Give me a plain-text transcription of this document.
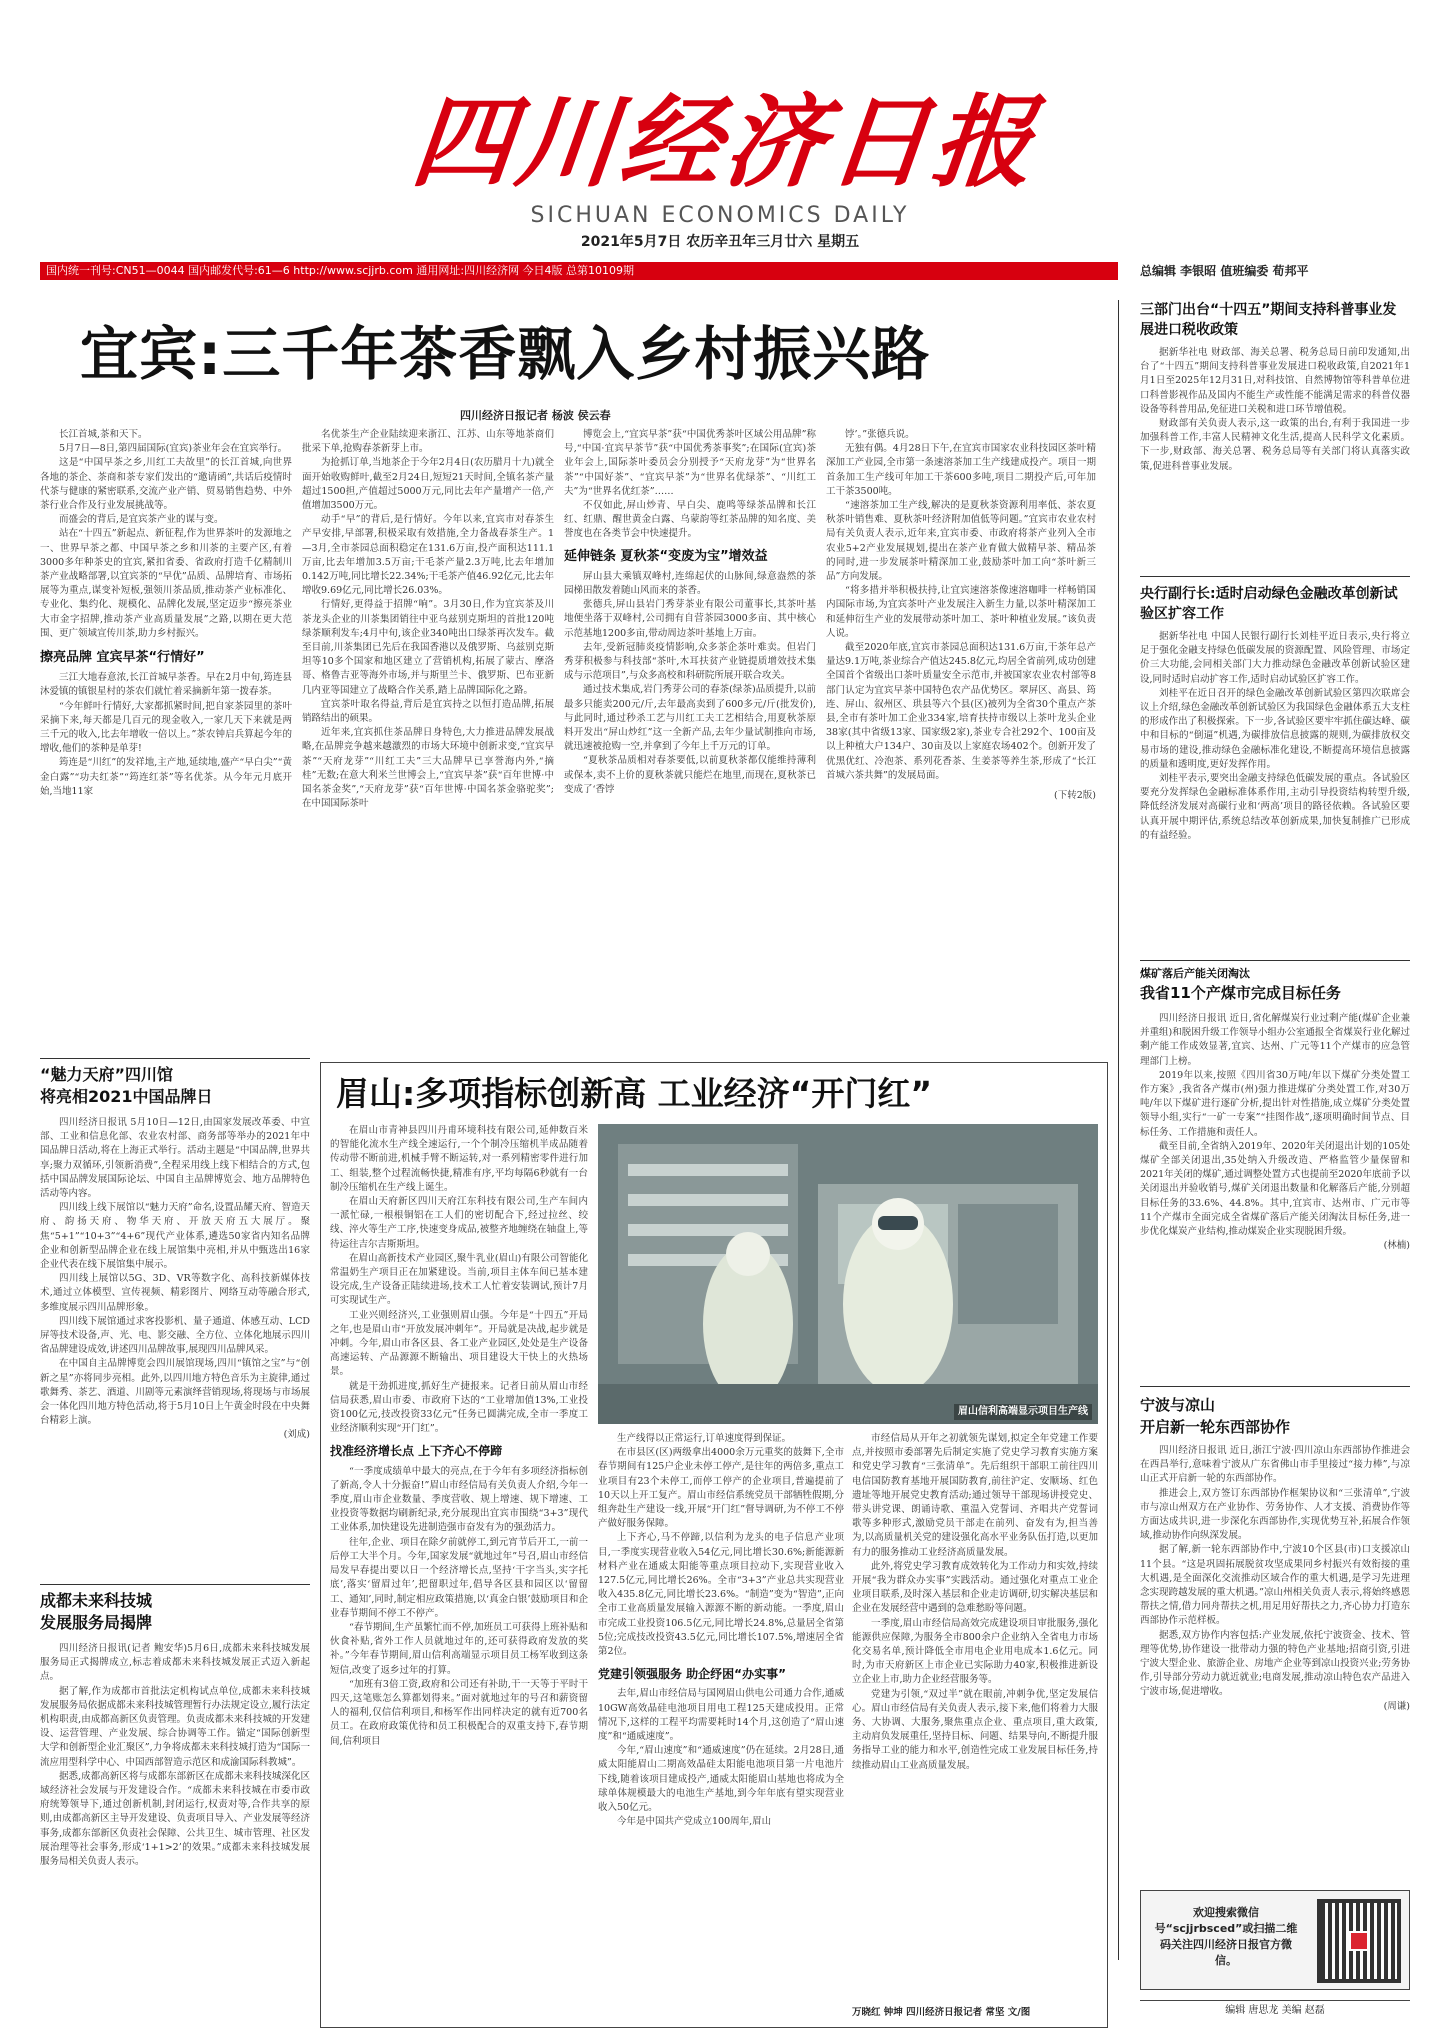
四川经济日报
SICHUAN ECONOMICS DAILY
2021年5月7日 农历辛丑年三月廿六 星期五
国内统一刊号:CN51—0044 国内邮发代号:61—6 http://www.scjjrb.com 通用网址:四川经济网 今日4版 总第10109期	总编辑 李银昭 值班编委 荀邦平
宜宾:三千年茶香飘入乡村振兴路
四川经济日报记者 杨波 侯云春

长江首城,茶和天下。

5月7日—8日,第四届国际(宜宾)茶业年会在宜宾举行。

这是“中国早茶之乡,川红工夫故里”的长江首城,向世界各地的茶企、茶商和茶专家们发出的“邀请函”,共话后疫情时代茶与健康的紧密联系,交流产业产销、贸易销售趋势、中外茶行业合作及行业发展挑战等。

而盛会的背后,是宜宾茶产业的谋与变。

站在“十四五”新起点、新征程,作为世界茶叶的发源地之一、世界早茶之都、中国早茶之乡和川茶的主要产区,有着3000多年种茶史的宜宾,紧扣省委、省政府打造千亿精制川茶产业战略部署,以宜宾茶的“早优”品质、品牌培育、市场拓展等为重点,谋变补短板,强领川茶品质,推动茶产业标准化、专业化、集约化、规模化、品牌化发展,坚定迈步“擦亮茶业大市金字招牌,推动茶产业高质量发展”之路,以期在更大范围、更广领域宣传川茶,助力乡村振兴。

擦亮品牌 宜宾早茶“行情好”

三江大地春意浓,长江首城早茶香。早在2月中旬,筠连县沐爱镇的镇银星村的茶农们就忙着采摘新年第一拨春茶。

“今年鲜叶行情好,大家都抓紧时间,把自家茶园里的茶叶采摘下来,每天都是几百元的现金收入,一家几天下来就是两三千元的收入,比去年增收一倍以上。”茶农钟启兵算起今年的增收,他们的茶种是单芽!

筠连是“川红”的发祥地,主产地,延续地,盛产“早白尖”“黄金白露”“功夫红茶”“筠连红茶”等名优茶。从今年元月底开始,当地11家

名优茶生产企业陆续迎来浙江、江苏、山东等地茶商们批采下单,抢购春茶新芽上市。

为抢抓订单,当地茶企于今年2月4日(农历腊月十九)就全面开始收购鲜叶,截至2月24日,短短21天时间,全镇名茶产量超过1500担,产值超过5000万元,同比去年产量增产一倍,产值增加3500万元。

动手“早”的背后,是行情好。今年以来,宜宾市对春茶生产早安排,早部署,积极采取有效措施,全力备战春茶生产。1—3月,全市茶园总面积稳定在131.6万亩,投产面积达111.1万亩,比去年增加3.5万亩;干毛茶产量2.3万吨,比去年增加0.142万吨,同比增长22.34%;干毛茶产值46.92亿元,比去年增收9.69亿元,同比增长26.03%。

行情好,更得益于招牌“响”。3月30日,作为宜宾茶及川茶龙头企业的川茶集团销往中亚乌兹别克斯坦的首批120吨绿茶顺利发车;4月中旬,该企业340吨出口绿茶再次发车。截至目前,川茶集团已先后在我国香港以及俄罗斯、乌兹别克斯坦等10多个国家和地区建立了营销机构,拓展了蒙古、摩洛哥、格鲁吉亚等海外市场,并与斯里兰卡、俄罗斯、巴布亚新几内亚等国建立了战略合作关系,踏上品牌国际化之路。

宜宾茶叶取名得益,背后是宜宾持之以恒打造品牌,拓展销路结出的硕果。

近年来,宜宾抓住茶品牌日身特色,大力推进品牌发展战略,在品牌竞争越来越激烈的市场大环境中创新求变,“宜宾早茶”“天府龙芽”“川红工夫”三大品牌早已享誉海内外,“摘桂”无数;在意大利米兰世博会上,“宜宾早茶”获“百年世博·中国名茶金奖”,“天府龙芽”获“百年世博·中国名茶金骆驼奖”;在中国国际茶叶

博览会上,“宜宾早茶”获“中国优秀茶叶区域公用品牌”称号,“中国·宜宾早茶节”获“中国优秀茶事奖”;在国际(宜宾)茶业年会上,国际茶叶委员会分别授予“天府龙芽”为“世界名茶”“中国好茶”、“宜宾早茶”为“世界名优绿茶”、“川红工夫”为“世界名优红茶”……

不仅如此,屏山炒青、早白尖、鹿鸣等绿茶品牌和长江红、红鼎、醒世黄金白露、乌蒙韵等红茶品牌的知名度、美誉度也在各类节会中快速提升。

延伸链条 夏秋茶“变废为宝”增效益

屏山县大乘镇双峰村,连绵起伏的山脉间,绿意盎然的茶园梯田散发着随山风而来的茶香。

张德兵,屏山县岩门秀芽茶业有限公司董事长,其茶叶基地便坐落于双峰村,公司拥有自营茶园3000多亩、其中核心示范基地1200多亩,带动周边茶叶基地上万亩。

去年,受新冠肺炎疫情影响,众多茶企茶叶难卖。但岩门秀芽积极参与科技部“茶叶,木耳扶贫产业链提质增效技术集成与示范项目”,与众多高校和科研院所展开联合攻关。

通过技术集成,岩门秀芽公司的春茶(绿茶)品质提升,以前最多只能卖200元/斤,去年最高卖到了600多元/斤(批发价),与此同时,通过秒杀工艺与川红工夫工艺相结合,用夏秋茶原料开发出“屏山炒红”这一全新产品,去年少量试制推向市场,就迅速被抢购一空,并拿到了今年上千万元的订单。

“夏秋茶品质相对春茶要低,以前夏秋茶都仅能维持薄利或保本,卖不上价的夏秋茶就只能烂在地里,而现在,夏秋茶已变成了‘香饽

饽’。”张德兵说。

无独有偶。4月28日下午,在宜宾市国家农业科技园区茶叶精深加工产业园,全市第一条速溶茶加工生产线建成投产。项目一期首条加工生产线可年加工干茶600多吨,项目二期投产后,可年加工干茶3500吨。

“速溶茶加工生产线,解决的是夏秋茶资源利用率低、茶农夏秋茶叶销售难、夏秋茶叶经济附加值低等问题。”宜宾市农业农村局有关负责人表示,近年来,宜宾市委、市政府将茶产业列入全市农业5+2产业发展规划,提出在茶产业育做大做精早茶、精品茶的同时,进一步发展茶叶精深加工业,鼓励茶叶加工向“茶叶新三品”方向发展。

“将多措并举积极扶持,让宜宾速溶茶像速溶咖啡一样畅销国内国际市场,为宜宾茶叶产业发展注入新生力量,以茶叶精深加工和延伸衍生产业的发展带动茶叶加工、茶叶种植业发展。”该负责人说。

截至2020年底,宜宾市茶园总面积达131.6万亩,干茶年总产量达9.1万吨,茶业综合产值达245.8亿元,均居全省前列,成功创建全国首个省级出口茶叶质量安全示范市,并被国家农业农村部等8部门认定为宜宾早茶中国特色农产品优势区。翠屏区、高县、筠连、屏山、叙州区、珙县等六个县(区)被列为全省30个重点产茶县,全市有茶叶加工企业334家,培育扶持市级以上茶叶龙头企业38家(其中省级13家、国家级2家),茶业专合社292个、100亩及以上种植大户134户、30亩及以上家庭农场402个。创新开发了优黑优红、冷泡茶、系列花香茶、生姜茶等养生茶,形成了“长江首城六茶共舞”的发展局面。

(下转2版)
“魅力天府”四川馆
将亮相2021中国品牌日

四川经济日报讯 5月10日—12日,由国家发展改革委、中宣部、工业和信息化部、农业农村部、商务部等举办的2021年中国品牌日活动,将在上海正式举行。活动主题是“中国品牌,世界共享;聚力双循环,引领新消费”,全程采用线上线下相结合的方式,包括中国品牌发展国际论坛、中国自主品牌博览会、地方品牌特色活动等内容。

四川线上线下展馆以“魅力天府”命名,设置品耀天府、智造天府、韵扬天府、物华天府、开放天府五大展厅。聚焦“5+1”“10+3”“4+6”现代产业体系,遴选50家省内知名品牌企业和创新型品牌企业在线上展馆集中亮相,并从中甄选出16家企业代表在线下展馆集中展示。

四川线上展馆以5G、3D、VR等数字化、高科技新媒体技术,通过立体模型、宣传视频、精彩图片、网络互动等融合形式,多维度展示四川品牌形象。

四川线下展馆通过求客投影机、量子通道、体感互动、LCD屏等技术设备,声、光、电、影交融、全方位、立体化地展示四川省品牌建设成效,讲述四川品牌故事,展现四川品牌风采。

在中国自主品牌博览会四川展馆现场,四川“镇馆之宝”与“创新之星”亦将同步亮相。此外,以四川地方特色音乐为主旋律,通过歌舞秀、茶艺、酒道、川剧等元素演绎营销现场,将现场与市场展会一体化四川地方特色活动,将于5月10日上午黄金时段在中央舞台精彩上演。

(刘成)
成都未来科技城
发展服务局揭牌

四川经济日报讯(记者 鲍安华)5月6日,成都未来科技城发展服务局正式揭牌成立,标志着成都未来科技城发展正式迈入新起点。

据了解,作为成都市首批法定机构试点单位,成都未来科技城发展服务局依据成都未来科技城管理暂行办法规定设立,履行法定机构职责,由成都高新区负责管理。负责成都未来科技城的开发建设、运营管理、产业发展、综合协调等工作。锚定“国际创新型大学和创新型企业汇聚区”,力争将成都未来科技城打造为“国际一流应用型科学中心、中国西部智造示范区和成渝国际科教城”。

据悉,成都高新区将与成都东部新区在成都未来科技城深化区域经济社会发展与开发建设合作。“成都未来科技城在市委市政府统筹领导下,通过创新机制,封闭运行,权责对等,合作共享的原则,由成都高新区主导开发建设、负责项目导入、产业发展等经济事务,成都东部新区负责社会保障、公共卫生、城市管理、社区发展治理等社会事务,形成‘1+1>2’的效果。”成都未来科技城发展服务局相关负责人表示。

眉山:多项指标创新高 工业经济“开门红”

在眉山市青神县四川丹甫环境科技有限公司,延伸数百米的智能化流水生产线全速运行,一个个制冷压缩机半成品随着传动带不断前进,机械手臂不断运转,对一系列精密零件进行加工、组装,整个过程流畅快捷,精准有序,平均每隔6秒就有一台制冷压缩机在生产线上诞生。

在眉山天府新区四川天府江东科技有限公司,生产车间内一派忙碌,一根根铜铝在工人们的密切配合下,经过拉丝、绞线、淬火等生产工序,快速变身成品,被整齐地缠绕在轴盘上,等待运往吉尔吉斯斯坦。

在眉山高新技术产业园区,聚牛乳业(眉山)有限公司智能化常温奶生产项目正在加紧建设。当前,项目主体车间已基本建设完成,生产设备正陆续进场,技术工人忙着安装调试,预计7月可实现试生产。

工业兴则经济兴,工业强则眉山强。今年是“十四五”开局之年,也是眉山市“开放发展冲刺年”。开局就是决战,起步就是冲刺。今年,眉山市各区县、各工业产业园区,处处是生产设备高速运转、产品源源不断输出、项目建设大干快上的火热场景。

就是干劲抓进度,抓好生产捷报来。记者日前从眉山市经信局获悉,眉山市委、市政府下达的“工业增加值13%,工业投资100亿元,技改投资33亿元”任务已圆满完成,全市一季度工业经济顺利实现“开门红”。

找准经济增长点 上下齐心不停蹄

“一季度成绩单中最大的亮点,在于今年有多项经济指标创了新高,令人十分振奋!”眉山市经信局有关负责人介绍,今年一季度,眉山市企业数量、季度营收、规上增速、规下增速、工业投资等数据均刷新纪录,充分展现出宜宾市围绕“3+3”现代工业体系,加快建设先进制造强市奋发有为的强劲活力。

往年,企业、项目在除夕前就停工,到元宵节后开工,一前一后停工大半个月。今年,国家发展“就地过年”号召,眉山市经信局发早春提出要以日一个经济增长点,坚持‘干字当头,实字托底’,落实‘留眉过年’,把留职过年,倡导各区县和园区以‘留留工、通知’,同时,制定相应政策措施,以‘真金白银’鼓励项目和企业春节期间不停工不停产。

“春节期间,生产虽繁忙而不停,加班员工可获得上班补贴和伙食补贴,省外工作人员就地过年的,还可获得政府发放的奖补。”今年春节期间,眉山信利高端显示项目员工杨军收到这条短信,改变了返乡过年的打算。

“加班有3倍工资,政府和公司还有补助,干一天等于平时干四天,这笔账怎么算都划得来。”面对就地过年的号召和薪资留人的福利,仅信信利项目,和杨军作出同样决定的就有近700名员工。在政府政策优待和员工积极配合的双重支持下,春节期间,信利项目

眉山信利高端显示项目生产线

生产线得以正常运行,订单速度得到保证。

在市县区(区)两级拿出4000余万元重奖的鼓舞下,全市春节期间有125户企业未停工停产,是往年的两倍多,重点工业项目有23个未停工,而停工停产的企业项目,普遍提前了10天以上开工复产。眉山市经信系统党员干部牺牲假期,分组奔赴生产建设一线,开展“开门红”督导调研,为不停工不停产做好服务保障。

上下齐心,马不停蹄,以信利为龙头的电子信息产业项目,一季度实现营业收入54亿元,同比增长30.6%;新能源新材料产业在通威太阳能等重点项目拉动下,实现营业收入127.5亿元,同比增长26%。全市“3+3”产业总共实现营业收入435.8亿元,同比增长23.6%。“制造”变为“智造”,正向全市工业高质量发展输入源源不断的新动能。一季度,眉山市完成工业投资106.5亿元,同比增长24.8%,总量居全省第5位;完成技改投资43.5亿元,同比增长107.5%,增速居全省第2位。

党建引领强服务 助企纾困“办实事”

去年,眉山市经信局与国网眉山供电公司通力合作,通威10GW高效晶硅电池项目用电工程125天建成投用。正常情况下,这样的工程平均需要耗时14个月,这创造了“眉山速度”和“通威速度”。

今年,“眉山速度”和“通威速度”仍在延续。2月28日,通威太阳能眉山二期高效晶硅太阳能电池项目第一片电池片下线,随着该项目建成投产,通威太阳能眉山基地也将成为全球单体规模最大的电池生产基地,到今年年底有望实现营业收入50亿元。

今年是中国共产党成立100周年,眉山

市经信局从开年之初就领先谋划,拟定全年党建工作要点,并按照市委部署先后制定实施了党史学习教育实施方案和党史学习教育“三张清单”。先后组织干部职工前往四川电信国防教育基地开展国防教育,前往沪定、安顺场、红色遗址等地开展党史教育活动;通过领导干部现场讲授党史、带头讲党课、朗诵诗歌、重温入党誓词、齐唱共产党誓词歌等多种形式,激励党员干部走在前列、奋发有为,担当善为,以高质量机关党的建设强化高水平业务队伍打造,以更加有力的服务推动工业经济高质量发展。

此外,将党史学习教育成效转化为工作动力和实效,持续开展“我为群众办实事”实践活动。通过强化对重点工业企业项目联系,及时深入基层和企业走访调研,切实解决基层和企业在发展经营中遇到的急难愁盼等问题。

一季度,眉山市经信局高效完成建设项目审批服务,强化能源供应保障,为服务全市800余户企业纳入全省电力市场化交易名单,预计降低全市用电企业用电成本1.6亿元。同时,为市天府新区上市企业已实际助力40家,积极推进新设立企业上市,助力企业经营服务等。

党建为引领,“双过半”就在眼前,冲刺争优,坚定发展信心。眉山市经信局有关负责人表示,接下来,他们将着力大服务、大协调、大服务,聚焦重点企业、重点项目,重大政策,主动肩负发展重任,坚持目标、问题、结果导向,不断提升服务指导工业的能力和水平,创造性完成工业发展目标任务,持续推动眉山工业高质量发展。

万晓红 钟坤 四川经济日报记者 常坚 文/图
三部门出台“十四五”期间支持科普事业发展进口税收政策

据新华社电 财政部、海关总署、税务总局日前印发通知,出台了“十四五”期间支持科普事业发展进口税收政策,自2021年1月1日至2025年12月31日,对科技馆、自然博物馆等科普单位进口科普影视作品及国内不能生产或性能不能满足需求的科普仪器设备等科普用品,免征进口关税和进口环节增值税。

财政部有关负责人表示,这一政策的出台,有利于我国进一步加强科普工作,丰富人民精神文化生活,提高人民科学文化素质。下一步,财政部、海关总署、税务总局等有关部门将认真落实政策,促进科普事业发展。

央行副行长:适时启动绿色金融改革创新试验区扩容工作

据新华社电 中国人民银行副行长刘桂平近日表示,央行将立足于强化金融支持绿色低碳发展的资源配置、风险管理、市场定价三大功能,会同相关部门大力推动绿色金融改革创新试验区建设,同时适时启动扩容工作,适时启动试验区扩容工作。

刘桂平在近日召开的绿色金融改革创新试验区第四次联席会议上介绍,绿色金融改革创新试验区为我国绿色金融体系五大支柱的形成作出了积极探索。下一步,各试验区要牢牢抓住碳达峰、碳中和目标的“倒逼”机遇,为碳排放信息披露的规则,为碳排放权交易市场的建设,推动绿色金融标准化建设,不断提高环境信息披露的质量和透明度,更好发挥作用。

刘桂平表示,要突出金融支持绿色低碳发展的重点。各试验区要充分发挥绿色金融标准体系作用,主动引导投资结构转型升级,降低经济发展对高碳行业和‘两高’项目的路径依赖。各试验区要认真开展中期评估,系统总结改革创新成果,加快复制推广已形成的有益经验。

煤矿落后产能关闭淘汰
我省11个产煤市完成目标任务

四川经济日报讯 近日,省化解煤炭行业过剩产能(煤矿企业兼并重组)和脱困升级工作领导小组办公室通报全省煤炭行业化解过剩产能工作成效显著,宜宾、达州、广元等11个产煤市的应急管理部门上榜。

2019年以来,按照《四川省30万吨/年以下煤矿分类处置工作方案》,我省各产煤市(州)强力推进煤矿分类处置工作,对30万吨/年以下煤矿进行逐矿分析,提出针对性措施,成立煤矿分类处置领导小组,实行“一矿一专案”“挂图作战”,逐项明确时间节点、目标任务、工作措施和责任人。

截至目前,全省纳入2019年、2020年关闭退出计划的105处煤矿全部关闭退出,35处纳入升级改造、严格监管少量保留和2021年关闭的煤矿,通过调整处置方式也提前至2020年底前予以关闭退出并验收销号,煤矿关闭退出数量和化解落后产能,分别超目标任务的33.6%、44.8%。其中,宜宾市、达州市、广元市等11个产煤市全面完成全省煤矿落后产能关闭淘汰目标任务,进一步优化煤炭产业结构,推动煤炭企业实现脱困升级。

(林楠)
宁波与凉山
开启新一轮东西部协作

四川经济日报讯 近日,浙江宁波·四川凉山东西部协作推进会在西昌举行,意味着宁波从广东省佛山市手里接过“接力棒”,与凉山正式开启新一轮的东西部协作。

推进会上,双方签订东西部协作框架协议和“三张清单”,宁波市与凉山州双方在产业协作、劳务协作、人才支援、消费协作等方面达成共识,进一步深化东西部协作,实现优势互补,拓展合作领域,推动协作向纵深发展。

据了解,新一轮东西部协作中,宁波10个区县(市)口支援凉山11个县。“这是巩固拓展脱贫攻坚成果同乡村振兴有效衔接的重大机遇,是全面深化交流推动区域合作的重大机遇,是学习先进理念实现跨越发展的重大机遇。”凉山州相关负责人表示,将始终感恩帮扶之情,借力同舟帮扶之机,用足用好帮扶之力,齐心协力打造东西部协作示范样板。

据悉,双方协作内容包括:产业发展,依托宁波资金、技术、管理等优势,协作建设一批带动力强的特色产业基地;招商引资,引进宁波大型企业、旅游企业、房地产企业等到凉山投资兴业;劳务协作,引导部分劳动力就近就业;电商发展,推动凉山特色农产品进入宁波市场,促进增收。

(周谦)
欢迎搜索微信号“scjjrbsced”或扫描二维码关注四川经济日报官方微信。
编辑 唐思龙 美编 赵磊
